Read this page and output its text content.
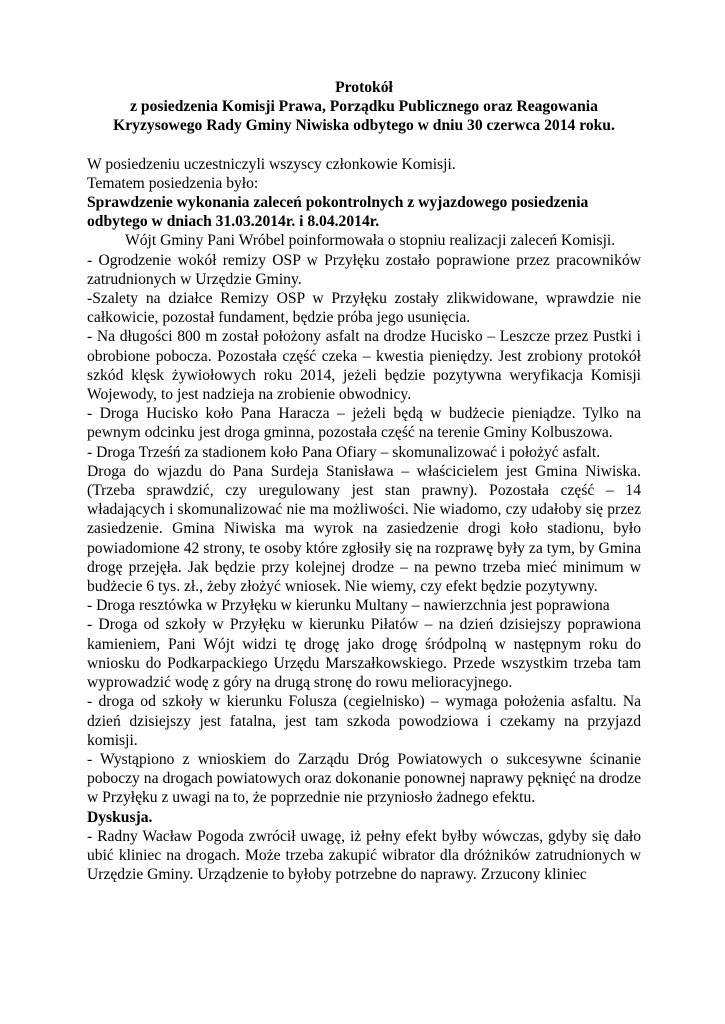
Protokół
z posiedzenia Komisji Prawa, Porządku Publicznego oraz Reagowania
Kryzysowego Rady Gminy Niwiska odbytego w dniu 30 czerwca 2014 roku.

W posiedzeniu uczestniczyli wszyscy członkowie Komisji.

Tematem posiedzenia było:

Sprawdzenie wykonania zaleceń pokontrolnych z wyjazdowego posiedzenia

odbytego w dniach 31.03.2014r. i 8.04.2014r.

Wójt Gminy Pani Wróbel poinformowała o stopniu realizacji zaleceń Komisji.

- Ogrodzenie wokół remizy OSP w Przyłęku zostało poprawione przez pracowników zatrudnionych w Urzędzie Gminy.

-Szalety na działce Remizy OSP w Przyłęku zostały zlikwidowane, wprawdzie nie całkowicie, pozostał fundament, będzie próba jego usunięcia.

- Na długości 800 m został położony asfalt na drodze Hucisko – Leszcze przez Pustki i obrobione pobocza. Pozostała część czeka – kwestia pieniędzy. Jest zrobiony protokół szkód klęsk żywiołowych roku 2014, jeżeli będzie pozytywna weryfikacja Komisji Wojewody, to jest nadzieja na zrobienie obwodnicy.

- Droga Hucisko koło Pana Haracza – jeżeli będą w budżecie pieniądze. Tylko na pewnym odcinku jest droga gminna, pozostała część na terenie Gminy Kolbuszowa.

- Droga Trześń za stadionem koło Pana Ofiary – skomunalizować i położyć asfalt.

Droga do wjazdu do Pana Surdeja Stanisława – właścicielem jest Gmina Niwiska. (Trzeba sprawdzić, czy uregulowany jest stan prawny). Pozostała część – 14 władających i skomunalizować nie ma możliwości. Nie wiadomo, czy udałoby się przez zasiedzenie. Gmina Niwiska ma wyrok na zasiedzenie drogi koło stadionu, było powiadomione 42 strony, te osoby które zgłosiły się na rozprawę były za tym, by Gmina drogę przejęła. Jak będzie przy kolejnej drodze – na pewno trzeba mieć minimum w budżecie 6 tys. zł., żeby złożyć wniosek. Nie wiemy, czy efekt będzie pozytywny.

- Droga resztówka w Przyłęku w kierunku Multany – nawierzchnia jest poprawiona

- Droga od szkoły w Przyłęku w kierunku Piłatów – na dzień dzisiejszy poprawiona kamieniem, Pani Wójt widzi tę drogę jako drogę śródpolną w następnym roku do wniosku do Podkarpackiego Urzędu Marszałkowskiego. Przede wszystkim trzeba tam wyprowadzić wodę z góry na drugą stronę do rowu melioracyjnego.

- droga od szkoły w kierunku Folusza (cegielnisko) – wymaga położenia asfaltu. Na dzień dzisiejszy jest fatalna, jest tam szkoda powodziowa i czekamy na przyjazd komisji.

- Wystąpiono z wnioskiem do Zarządu Dróg Powiatowych o sukcesywne ścinanie poboczy na drogach powiatowych oraz dokonanie ponownej naprawy pęknięć na drodze w Przyłęku z uwagi na to, że poprzednie nie przyniosło żadnego efektu.

Dyskusja.

- Radny Wacław Pogoda zwrócił uwagę, iż pełny efekt byłby wówczas, gdyby się dało ubić kliniec na drogach. Może trzeba zakupić wibrator dla dróżników zatrudnionych w Urzędzie Gminy. Urządzenie to byłoby potrzebne do naprawy. Zrzucony kliniec
